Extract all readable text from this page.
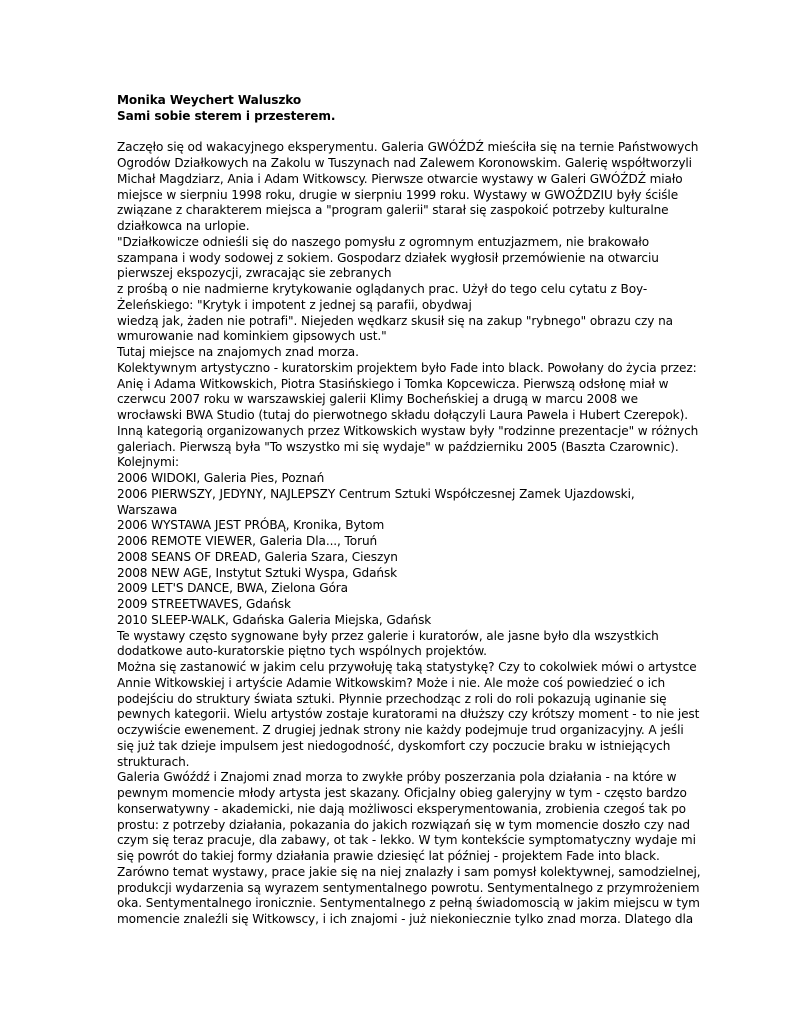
Monika Weychert Waluszko
Sami sobie sterem i przesterem.
Zaczęło się od wakacyjnego eksperymentu. Galeria GWÓŹDŹ mieściła się na ternie Państwowych
Ogrodów Działkowych na Zakolu w Tuszynach nad Zalewem Koronowskim. Galerię współtworzyli
Michał Magdziarz, Ania i Adam Witkowscy. Pierwsze otwarcie wystawy w Galeri GWÓŹDŹ miało
miejsce w sierpniu 1998 roku, drugie w sierpniu 1999 roku. Wystawy w GWOŹDZIU były ściśle
związane z charakterem miejsca a "program galerii" starał się zaspokoić potrzeby kulturalne
działkowca na urlopie.
"Działkowicze odnieśli się do naszego pomysłu z ogromnym entuzjazmem, nie brakowało
szampana i wody sodowej z sokiem. Gospodarz działek wygłosił przemówienie na otwarciu
pierwszej ekspozycji, zwracając sie zebranych
z prośbą o nie nadmierne krytykowanie oglądanych prac. Użył do tego celu cytatu z Boy-
Żeleńskiego: "Krytyk i impotent z jednej są parafii, obydwaj
wiedzą jak, żaden nie potrafi". Niejeden wędkarz skusił się na zakup "rybnego" obrazu czy na
wmurowanie nad kominkiem gipsowych ust."
Tutaj miejsce na znajomych znad morza.
Kolektywnym artystyczno - kuratorskim projektem było Fade into black. Powołany do życia przez:
Anię i Adama Witkowskich, Piotra Stasińskiego i Tomka Kopcewicza. Pierwszą odsłonę miał w
czerwcu 2007 roku w warszawskiej galerii Klimy Bocheńskiej a drugą w marcu 2008 we
wrocławski BWA Studio (tutaj do pierwotnego składu dołączyli Laura Pawela i Hubert Czerepok).
Inną kategorią organizowanych przez Witkowskich wystaw były "rodzinne prezentacje" w różnych
galeriach. Pierwszą była "To wszystko mi się wydaje" w październiku 2005 (Baszta Czarownic).
Kolejnymi:
2006 WIDOKI, Galeria Pies, Poznań
2006 PIERWSZY, JEDYNY, NAJLEPSZY Centrum Sztuki Współczesnej Zamek Ujazdowski,
Warszawa
2006 WYSTAWA JEST PRÓBĄ, Kronika, Bytom
2006 REMOTE VIEWER, Galeria Dla..., Toruń
2008 SEANS OF DREAD, Galeria Szara, Cieszyn
2008 NEW AGE, Instytut Sztuki Wyspa, Gdańsk
2009 LET'S DANCE, BWA, Zielona Góra
2009 STREETWAVES, Gdańsk
2010 SLEEP-WALK, Gdańska Galeria Miejska, Gdańsk
Te wystawy często sygnowane były przez galerie i kuratorów, ale jasne było dla wszystkich
dodatkowe auto-kuratorskie piętno tych wspólnych projektów.
Można się zastanowić w jakim celu przywołuję taką statystykę? Czy to cokolwiek mówi o artystce
Annie Witkowskiej i artyście Adamie Witkowskim? Może i nie. Ale może coś powiedzieć o ich
podejściu do struktury świata sztuki. Płynnie przechodząc z roli do roli pokazują uginanie się
pewnych kategorii. Wielu artystów zostaje kuratorami na dłuższy czy krótszy moment - to nie jest
oczywiście ewenement. Z drugiej jednak strony nie każdy podejmuje trud organizacyjny. A jeśli
się już tak dzieje impulsem jest niedogodność, dyskomfort czy poczucie braku w istniejących
strukturach.
Galeria Gwóźdź i Znajomi znad morza to zwykłe próby poszerzania pola działania - na które w
pewnym momencie młody artysta jest skazany. Oficjalny obieg galeryjny w tym - często bardzo
konserwatywny - akademicki, nie dają możliwosci eksperymentowania, zrobienia czegoś tak po
prostu: z potrzeby działania, pokazania do jakich rozwiązań się w tym momencie doszło czy nad
czym się teraz pracuje, dla zabawy, ot tak - lekko. W tym kontekście symptomatyczny wydaje mi
się powrót do takiej formy działania prawie dziesięć lat później - projektem Fade into black.
Zarówno temat wystawy, prace jakie się na niej znalazły i sam pomysł kolektywnej, samodzielnej,
produkcji wydarzenia są wyrazem sentymentalnego powrotu. Sentymentalnego z przymrożeniem
oka. Sentymentalnego ironicznie. Sentymentalnego z pełną świadomoscią w jakim miejscu w tym
momencie znaleźli się Witkowscy, i ich znajomi - już niekoniecznie tylko znad morza. Dlatego dla
